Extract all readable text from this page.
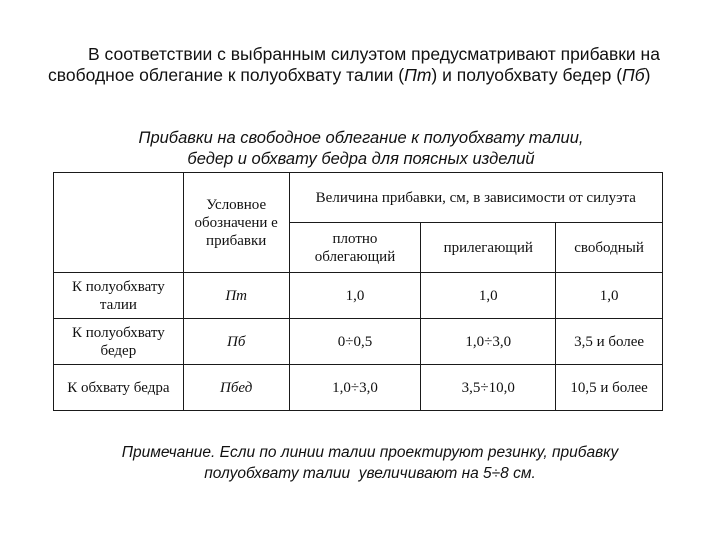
В соответствии с выбранным силуэтом предусматривают прибавки на свободное облегание к полуобхвату талии (Пт) и полуобхвату бедер (Пб)

Прибавки на свободное облегание к полуобхвату талии,
бедер и обхвату бедра для поясных изделий

	Условное обозначени е прибавки	Величина прибавки, см, в зависимости от силуэта		
		плотно облегающий	прилегающий	свободный
К полуобхвату талии	Пт	1,0	1,0	1,0
К полуобхвату бедер	Пб	0÷0,5	1,0÷3,0	3,5 и более
К обхвату бедра	Пбед	1,0÷3,0	3,5÷10,0	10,5 и более

Примечание. Если по линии талии проектируют резинку, прибавку
полуобхвату талии  увеличивают на 5÷8 см.
